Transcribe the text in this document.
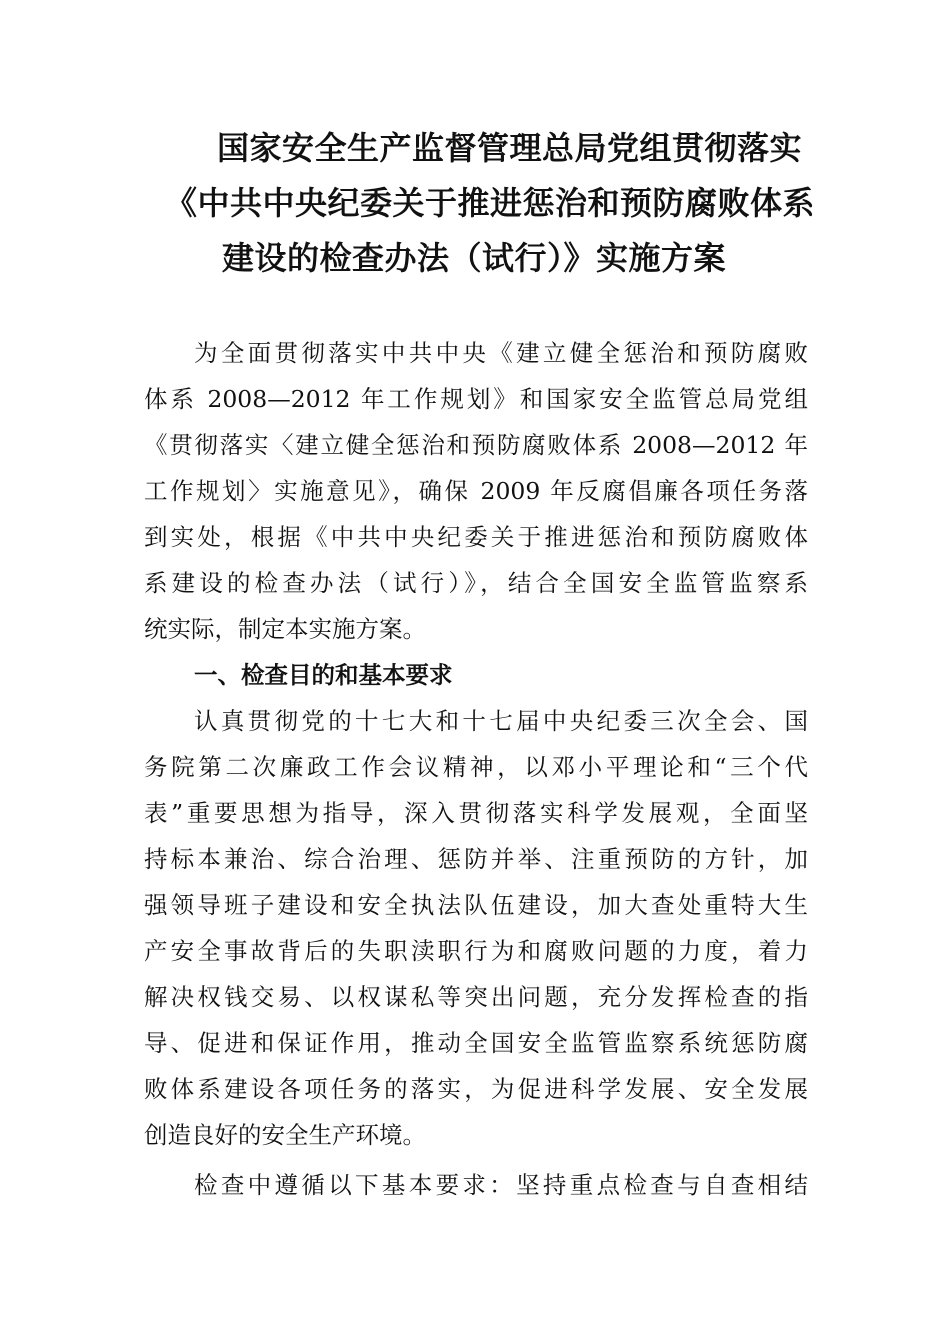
国家安全生产监督管理总局党组贯彻落实
《中共中央纪委关于推进惩治和预防腐败体系
建设的检查办法（试行）》实施方案
为全面贯彻落实中共中央《建立健全惩治和预防腐败
体系 2008—2012 年工作规划》和国家安全监管总局党组
《贯彻落实〈建立健全惩治和预防腐败体系 2008—2012 年
工作规划〉实施意见》，确保 2009 年反腐倡廉各项任务落
到实处，根据《中共中央纪委关于推进惩治和预防腐败体
系建设的检查办法（试行）》，结合全国安全监管监察系
统实际，制定本实施方案。
一、检查目的和基本要求
认真贯彻党的十七大和十七届中央纪委三次全会、国
务院第二次廉政工作会议精神，以邓小平理论和“三个代
表”重要思想为指导，深入贯彻落实科学发展观，全面坚
持标本兼治、综合治理、惩防并举、注重预防的方针，加
强领导班子建设和安全执法队伍建设，加大查处重特大生
产安全事故背后的失职渎职行为和腐败问题的力度，着力
解决权钱交易、以权谋私等突出问题，充分发挥检查的指
导、促进和保证作用，推动全国安全监管监察系统惩防腐
败体系建设各项任务的落实，为促进科学发展、安全发展
创造良好的安全生产环境。
检查中遵循以下基本要求：坚持重点检查与自查相结
